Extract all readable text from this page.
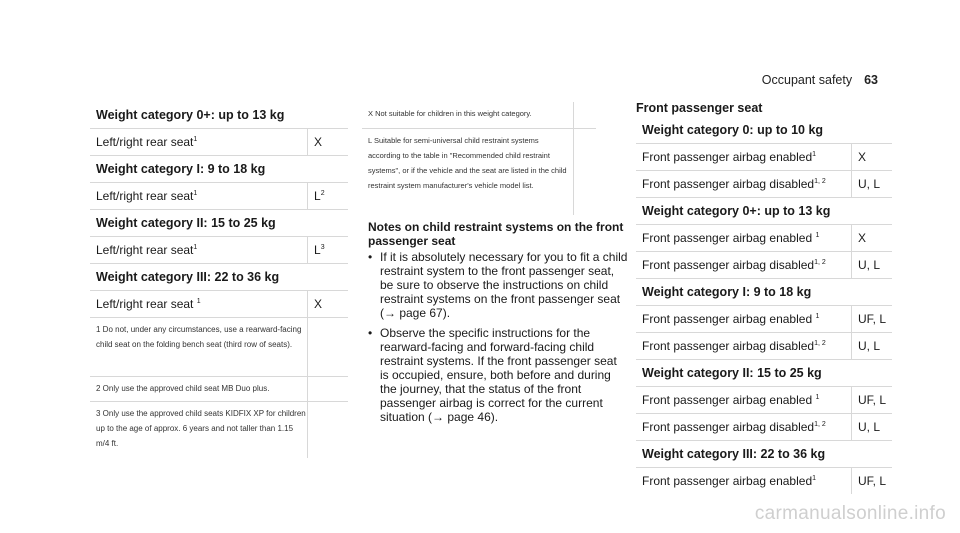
Occupant safety 63
Weight category 0+: up to 13 kg	
Left/right rear seat$^1$	X
Weight category I: 9 to 18 kg	
Left/right rear seat$^1$	$L^2$
Weight category II: 15 to 25 kg	
Left/right rear seat$^1$	$L^3$
Weight category III: 22 to 36 kg	
Left/right rear seat $^1$	X
1 Do not, under any circumstances, use a rearward-facing child seat on the folding bench seat (third row of seats).	
2 Only use the approved child seat MB Duo plus.	
3 Only use the approved child seats KIDFIX XP for children up to the age of approx. 6 years and not taller than 1.15 m/4 ft.	
X Not suitable for children in this weight category.	
L Suitable for semi-universal child restraint systems according to the table in "Recommended child restraint systems", or if the vehicle and the seat are listed in the child restraint system manufacturer's vehicle model list.	
Notes on child restraint systems on the front passenger seat
• If it is absolutely necessary for you to fit a child restraint system to the front passenger seat, be sure to observe the instructions on child restraint systems on the front passenger seat (→ page 67).
• Observe the specific instructions for the rearward-facing and forward-facing child restraint systems. If the front passenger seat is occupied, ensure, both before and during the journey, that the status of the front passenger airbag is correct for the current situation (→ page 46).
Front passenger seat
Weight category 0: up to 10 kg	
Front passenger airbag enabled$^1$	X
Front passenger airbag disabled$^{1, 2}$	U, L
Weight category 0+: up to 13 kg	
Front passenger airbag enabled $^1$	X
Front passenger airbag disabled$^{1, 2}$	U, L
Weight category I: 9 to 18 kg	
Front passenger airbag enabled $^1$	UF, L
Front passenger airbag disabled$^{1, 2}$	U, L
Weight category II: 15 to 25 kg	
Front passenger airbag enabled $^1$	UF, L
Front passenger airbag disabled$^{1, 2}$	U, L
Weight category III: 22 to 36 kg	
Front passenger airbag enabled$^1$	UF, L
carmanualsonline.info
